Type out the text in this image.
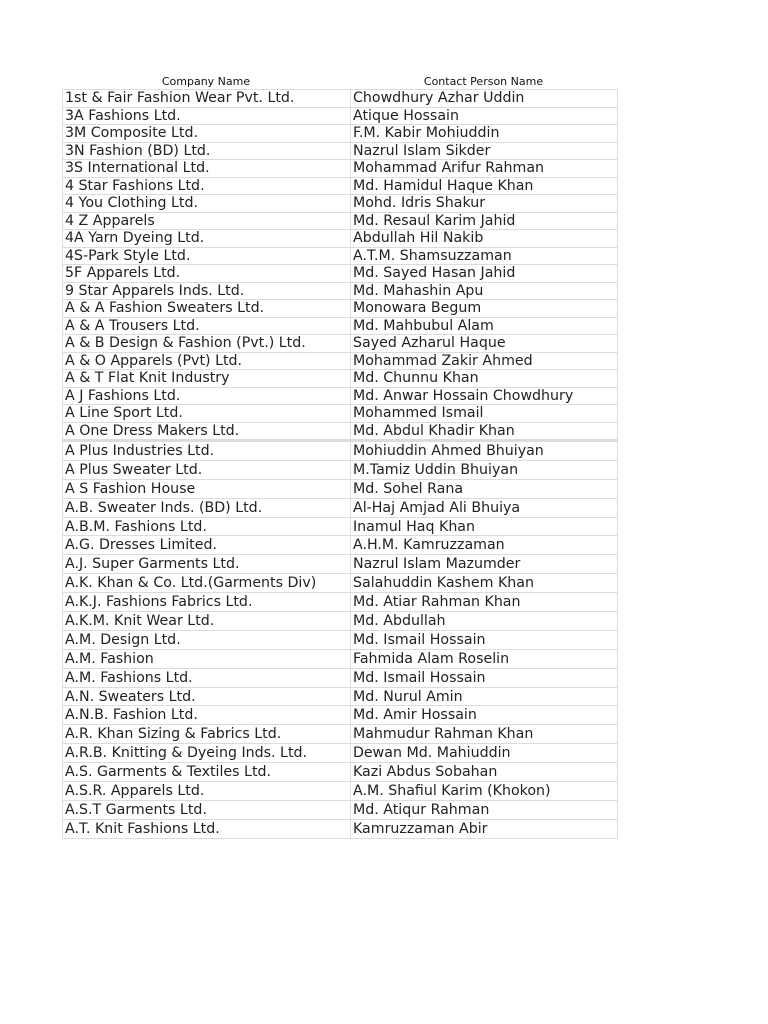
Company Name	Contact Person Name
1st & Fair Fashion Wear Pvt. Ltd.	Chowdhury Azhar Uddin
3A Fashions Ltd.	Atique Hossain
3M Composite Ltd.	F.M. Kabir Mohiuddin
3N Fashion (BD) Ltd.	Nazrul Islam Sikder
3S International Ltd.	Mohammad Arifur Rahman
4 Star Fashions Ltd.	Md. Hamidul Haque Khan
4 You Clothing Ltd.	Mohd. Idris Shakur
4 Z Apparels	Md. Resaul Karim Jahid
4A Yarn Dyeing Ltd.	Abdullah Hil Nakib
4S-Park Style Ltd.	A.T.M. Shamsuzzaman
5F Apparels Ltd.	Md. Sayed Hasan Jahid
9 Star Apparels Inds. Ltd.	Md. Mahashin Apu
A & A Fashion Sweaters Ltd.	Monowara Begum
A & A Trousers Ltd.	Md. Mahbubul Alam
A & B Design & Fashion (Pvt.) Ltd.	Sayed Azharul Haque
A & O Apparels (Pvt) Ltd.	Mohammad Zakir Ahmed
A & T Flat Knit Industry	Md. Chunnu Khan
A J Fashions Ltd.	Md. Anwar Hossain Chowdhury
A Line Sport Ltd.	Mohammed Ismail
A One Dress Makers Ltd.	Md. Abdul Khadir Khan
A Plus Industries Ltd.	Mohiuddin Ahmed Bhuiyan
A Plus Sweater Ltd.	M.Tamiz Uddin Bhuiyan
A S Fashion House	Md. Sohel Rana
A.B. Sweater Inds. (BD) Ltd.	Al-Haj Amjad Ali Bhuiya
A.B.M. Fashions Ltd.	Inamul Haq Khan
A.G. Dresses Limited.	A.H.M. Kamruzzaman
A.J. Super Garments Ltd.	Nazrul Islam Mazumder
A.K. Khan & Co. Ltd.(Garments Div)	Salahuddin Kashem Khan
A.K.J. Fashions Fabrics Ltd.	Md. Atiar Rahman Khan
A.K.M. Knit Wear Ltd.	Md. Abdullah
A.M. Design Ltd.	Md. Ismail Hossain
A.M. Fashion	Fahmida Alam Roselin
A.M. Fashions Ltd.	Md. Ismail Hossain
A.N. Sweaters Ltd.	Md. Nurul Amin
A.N.B. Fashion Ltd.	Md. Amir Hossain
A.R. Khan Sizing & Fabrics Ltd.	Mahmudur Rahman Khan
A.R.B. Knitting & Dyeing Inds. Ltd.	Dewan Md. Mahiuddin
A.S. Garments & Textiles Ltd.	Kazi Abdus Sobahan
A.S.R. Apparels Ltd.	A.M. Shafiul Karim (Khokon)
A.S.T Garments Ltd.	Md. Atiqur Rahman
A.T. Knit Fashions Ltd.	Kamruzzaman Abir
